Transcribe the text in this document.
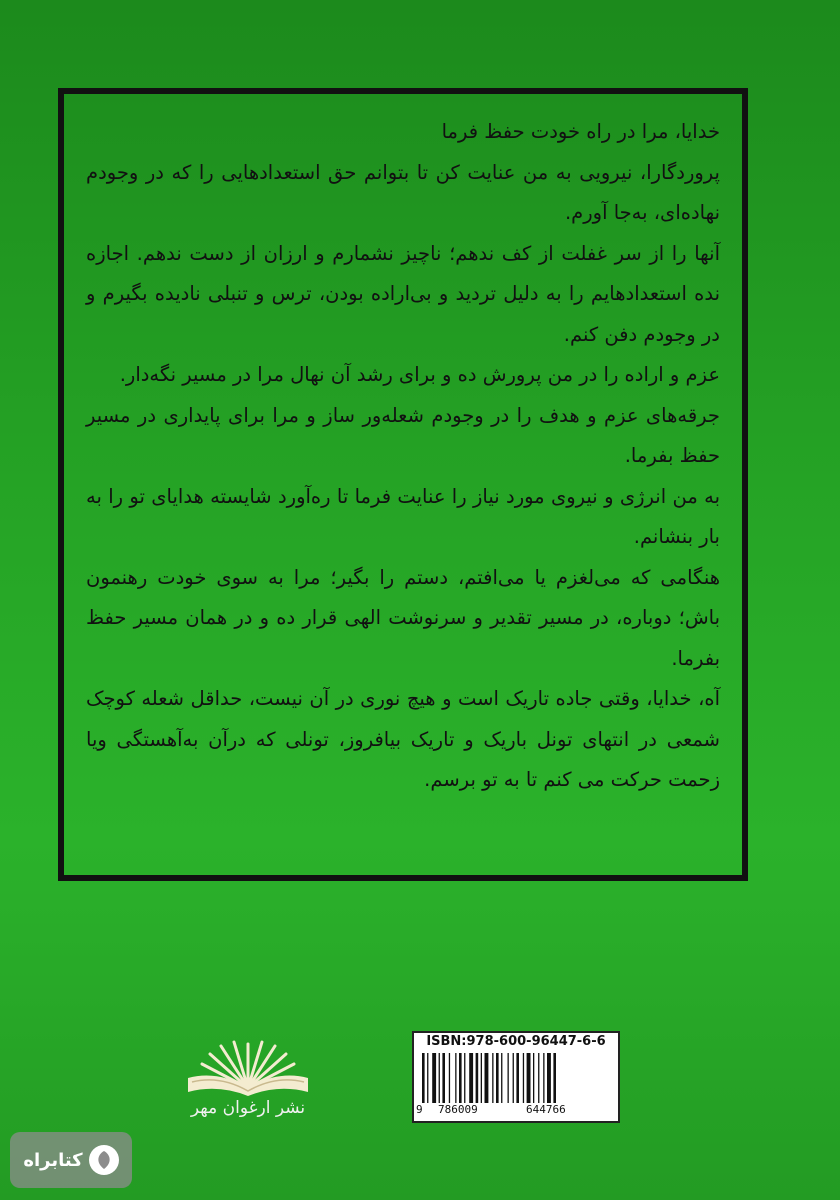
خدایا، مرا در راه خودت حفظ فرما

پروردگارا، نیرویی به من عنایت کن تا بتوانم حق استعدادهایی را که در وجودم نهاده‌ای، به‌جا آورم.

آنها را از سر غفلت از کف ندهم؛ ناچیز نشمارم و ارزان از دست ندهم. اجازه نده استعدادهایم را به دلیل تردید و بی‌اراده بودن، ترس و تنبلی نادیده بگیرم و در وجودم دفن کنم.

عزم و اراده را در من پرورش ده و برای رشد آن نهال مرا در مسیر نگه‌دار.

جرقه‌های عزم و هدف را در وجودم شعله‌ور ساز و مرا برای پایداری در مسیر حفظ بفرما.

به من انرژی و نیروی مورد نیاز را عنایت فرما تا ره‌آورد شایسته هدایای تو را به بار بنشانم.

هنگامی که می‌لغزم یا می‌افتم، دستم را بگیر؛ مرا به سوی خودت رهنمون باش؛ دوباره، در مسیر تقدیر و سرنوشت الهی قرار ده و در همان مسیر حفظ بفرما.

آه، خدایا، وقتی جاده تاریک است و هیچ نوری در آن نیست، حداقل شعله کوچک شمعی در انتهای تونل باریک و تاریک بیافروز، تونلی که درآن به‌آهستگی ویا زحمت حرکت می کنم تا به تو برسم.

نشر ارغوان مهر
ISBN:978-600-96447-6-6
9 786009	644766
کتابراه
